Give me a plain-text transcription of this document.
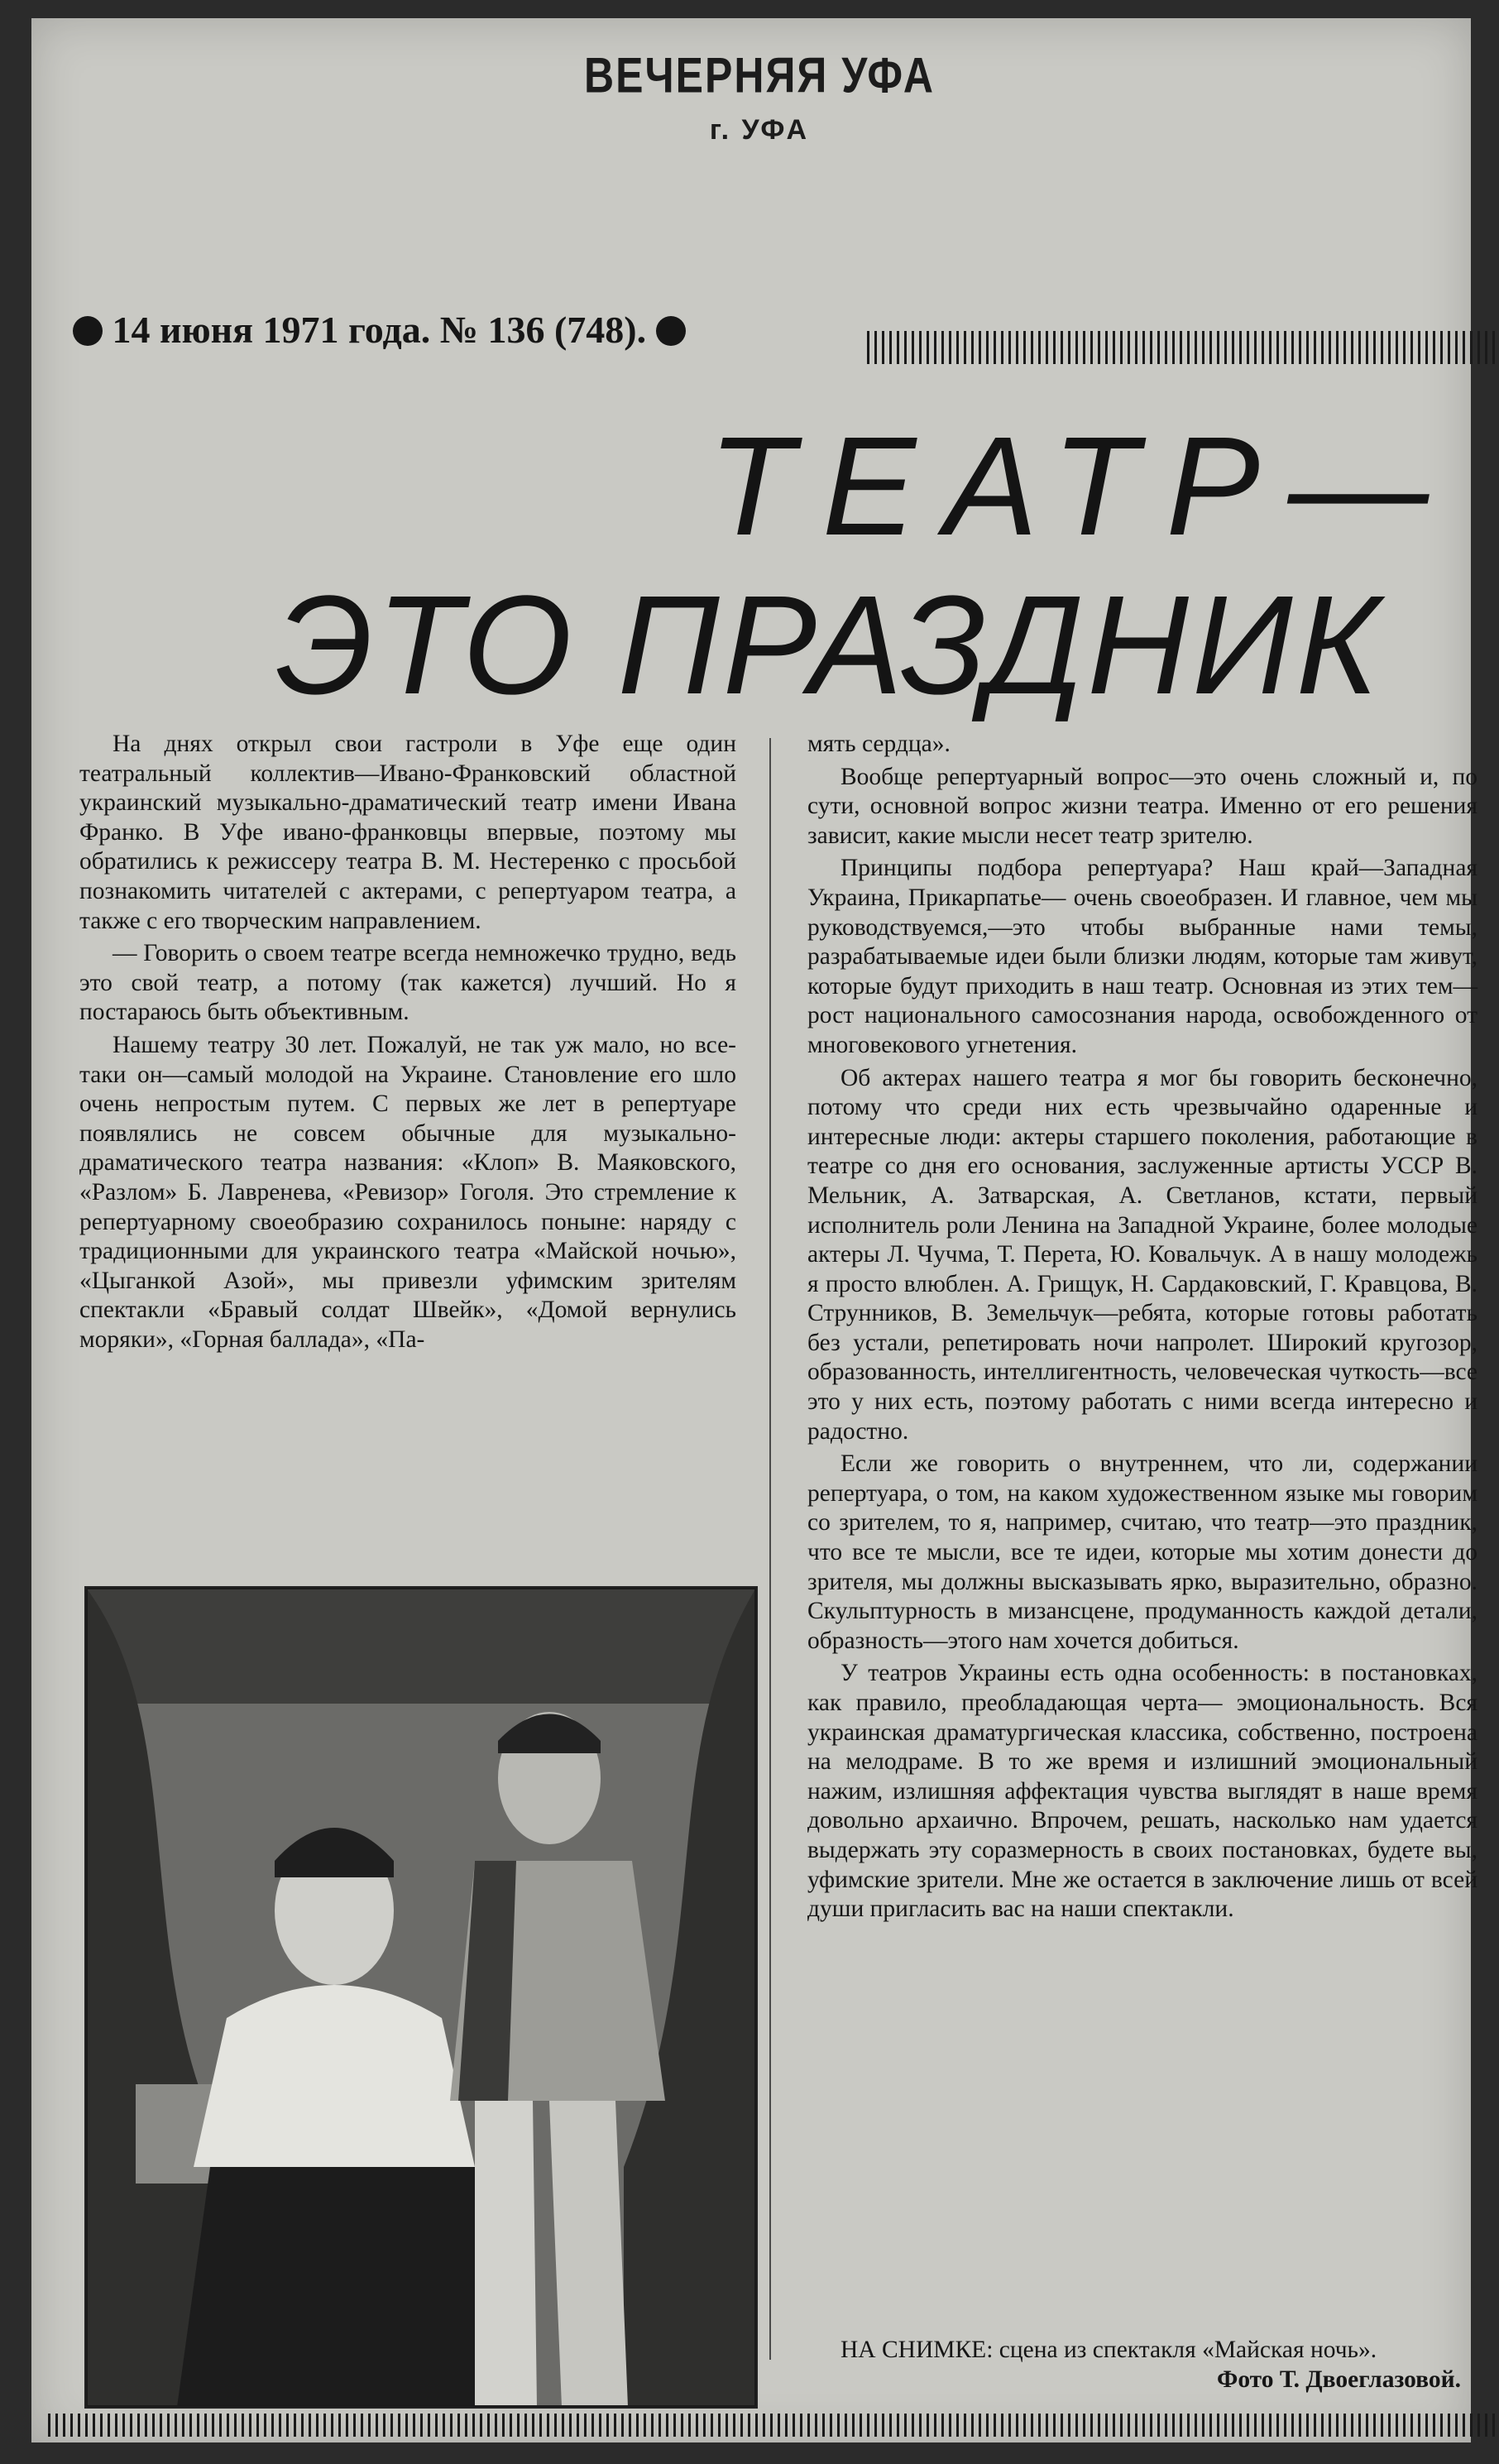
ВЕЧЕРНЯЯ УФА
г. УФА
14 июня 1971 года. № 136 (748).
ТЕАТР—
ЭТО ПРАЗДНИК

На днях открыл свои гастроли в Уфе еще один театральный коллектив—Ивано-Франковский областной украинский музыкально-драматический театр имени Ивана Франко. В Уфе ивано-франковцы впервые, поэтому мы обратились к режиссеру театра В. М. Нестеренко с просьбой познакомить читателей с актерами, с репертуаром театра, а также с его творческим направлением.

— Говорить о своем театре всегда немножечко трудно, ведь это свой театр, а потому (так кажется) лучший. Но я постараюсь быть объективным.

Нашему театру 30 лет. Пожалуй, не так уж мало, но все-таки он—самый молодой на Украине. Становление его шло очень непростым путем. С первых же лет в репертуаре появлялись не совсем обычные для музыкально-драматического театра названия: «Клоп» В. Маяковского, «Разлом» Б. Лавренева, «Ревизор» Гоголя. Это стремление к репертуарному своеобразию сохранилось поныне: наряду с традиционными для украинского театра «Майской ночью», «Цыганкой Азой», мы привезли уфимским зрителям спектакли «Бравый солдат Швейк», «Домой вернулись моряки», «Горная баллада», «Па-

мять сердца».

Вообще репертуарный вопрос—это очень сложный и, по сути, основной вопрос жизни театра. Именно от его решения зависит, какие мысли несет театр зрителю.

Принципы подбора репертуара? Наш край—Западная Украина, Прикарпатье— очень своеобразен. И главное, чем мы руководствуемся,—это чтобы выбранные нами темы, разрабатываемые идеи были близки людям, которые там живут, которые будут приходить в наш театр. Основная из этих тем—рост национального самосознания народа, освобожденного от многовекового угнетения.

Об актерах нашего театра я мог бы говорить бесконечно, потому что среди них есть чрезвычайно одаренные и интересные люди: актеры старшего поколения, работающие в театре со дня его основания, заслуженные артисты УССР В. Мельник, А. Затварская, А. Светланов, кстати, первый исполнитель роли Ленина на Западной Украине, более молодые актеры Л. Чучма, Т. Перета, Ю. Ковальчук. А в нашу молодежь я просто влюблен. А. Грищук, Н. Сардаковский, Г. Кравцова, В. Струнников, В. Земельчук—ребята, которые готовы работать без устали, репетировать ночи напролет. Широкий кругозор, образованность, интеллигентность, человеческая чуткость—все это у них есть, поэтому работать с ними всегда интересно и радостно.

Если же говорить о внутреннем, что ли, содержании репертуара, о том, на каком художественном языке мы говорим со зрителем, то я, например, считаю, что театр—это праздник, что все те мысли, все те идеи, которые мы хотим донести до зрителя, мы должны высказывать ярко, выразительно, образно. Скульптурность в мизансцене, продуманность каждой детали, образность—этого нам хочется добиться.

У театров Украины есть одна особенность: в постановках, как правило, преобладающая черта— эмоциональность. Вся украинская драматургическая классика, собственно, построена на мелодраме. В то же время и излишний эмоциональный нажим, излишняя аффектация чувства выглядят в наше время довольно архаично. Впрочем, решать, насколько нам удается выдержать эту соразмерность в своих постановках, будете вы, уфимские зрители. Мне же остается в заключение лишь от всей души пригласить вас на наши спектакли.

НА СНИМКЕ: сцена из спектакля «Майская ночь».
Фото Т. Двоеглазовой.
